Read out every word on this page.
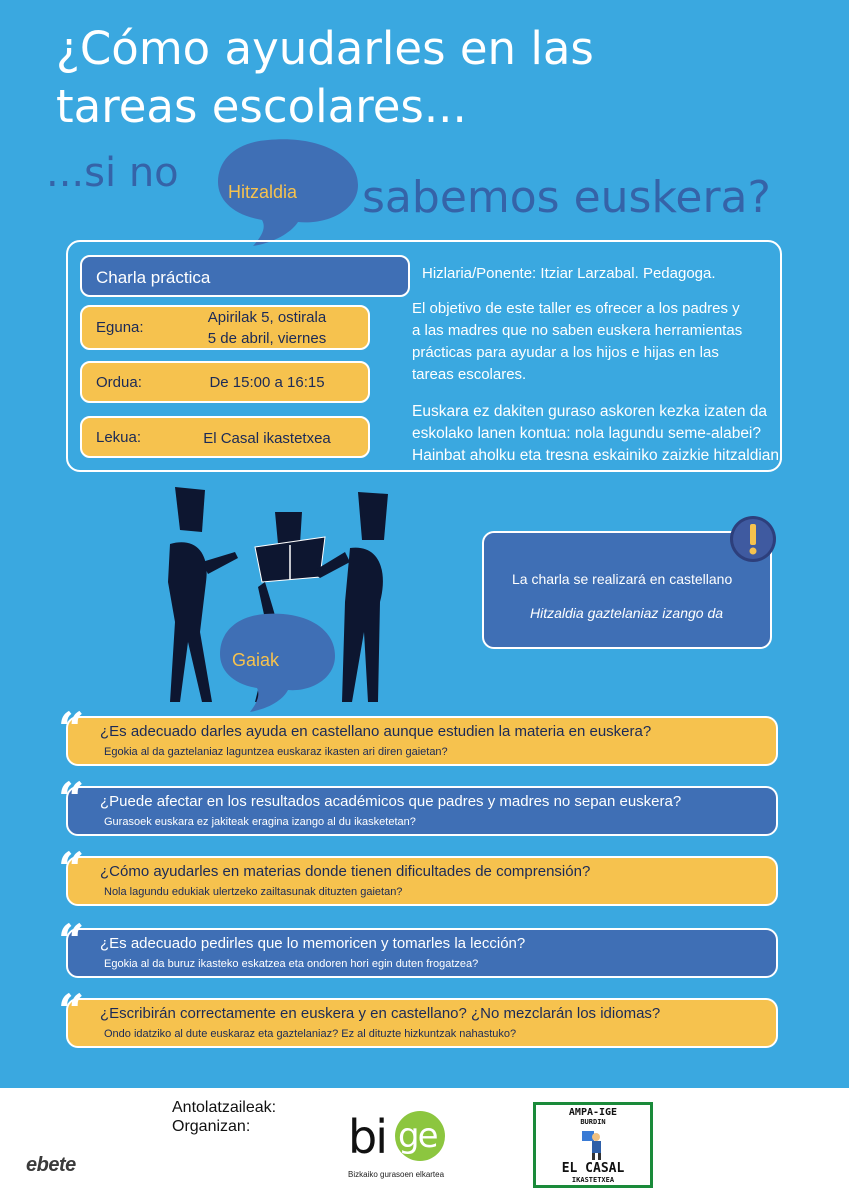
¿Cómo ayudarles en las
tareas escolares...
...si no	Hitzaldia sabemos euskera?
Charla práctica
Eguna:
Apirilak 5, ostirala
5 de abril, viernes
Ordua:	De 15:00 a 16:15
Lekua:	El Casal ikastetxea
Hizlaria/Ponente: Itziar Larzabal. Pedagoga.
El objetivo de este taller es ofrecer a los padres y
a las madres que no saben euskera herramientas
prácticas para ayudar a los hijos e hijas en las
tareas escolares.
Euskara ez dakiten guraso askoren kezka izaten da
eskolako lanen kontua: nola lagundu seme-alabei?
Hainbat aholku eta tresna eskainiko zaizkie hitzaldian.
Gaiak
La charla se realizará en castellano
Hitzaldia gaztelaniaz izango da
¿Es adecuado darles ayuda en castellano aunque estudien la materia en euskera?
Egokia al da gaztelaniaz laguntzea euskaraz ikasten ari diren gaietan?
¿Puede afectar en los resultados académicos que padres y madres no sepan euskera?
Gurasoek euskara ez jakiteak eragina izango al du ikasketetan?
¿Cómo ayudarles en materias donde tienen dificultades de comprensión?
Nola lagundu edukiak ulertzeko zailtasunak dituzten gaietan?
¿Es adecuado pedirles que lo memoricen y tomarles la lección?
Egokia al da buruz ikasteko eskatzea eta ondoren hori egin duten frogatzea?
¿Escribirán correctamente en euskera y en castellano? ¿No mezclarán los idiomas?
Ondo idatziko al dute euskaraz eta gaztelaniaz? Ez al dituzte hizkuntzak nahastuko?
“
“
“
“
“
Antolatzaileak:
Organizan:
ebete
bi ge
Bizkaiko gurasoen elkartea
AMPA-IGE
BURDIN
EL CASAL
IKASTETXEA
